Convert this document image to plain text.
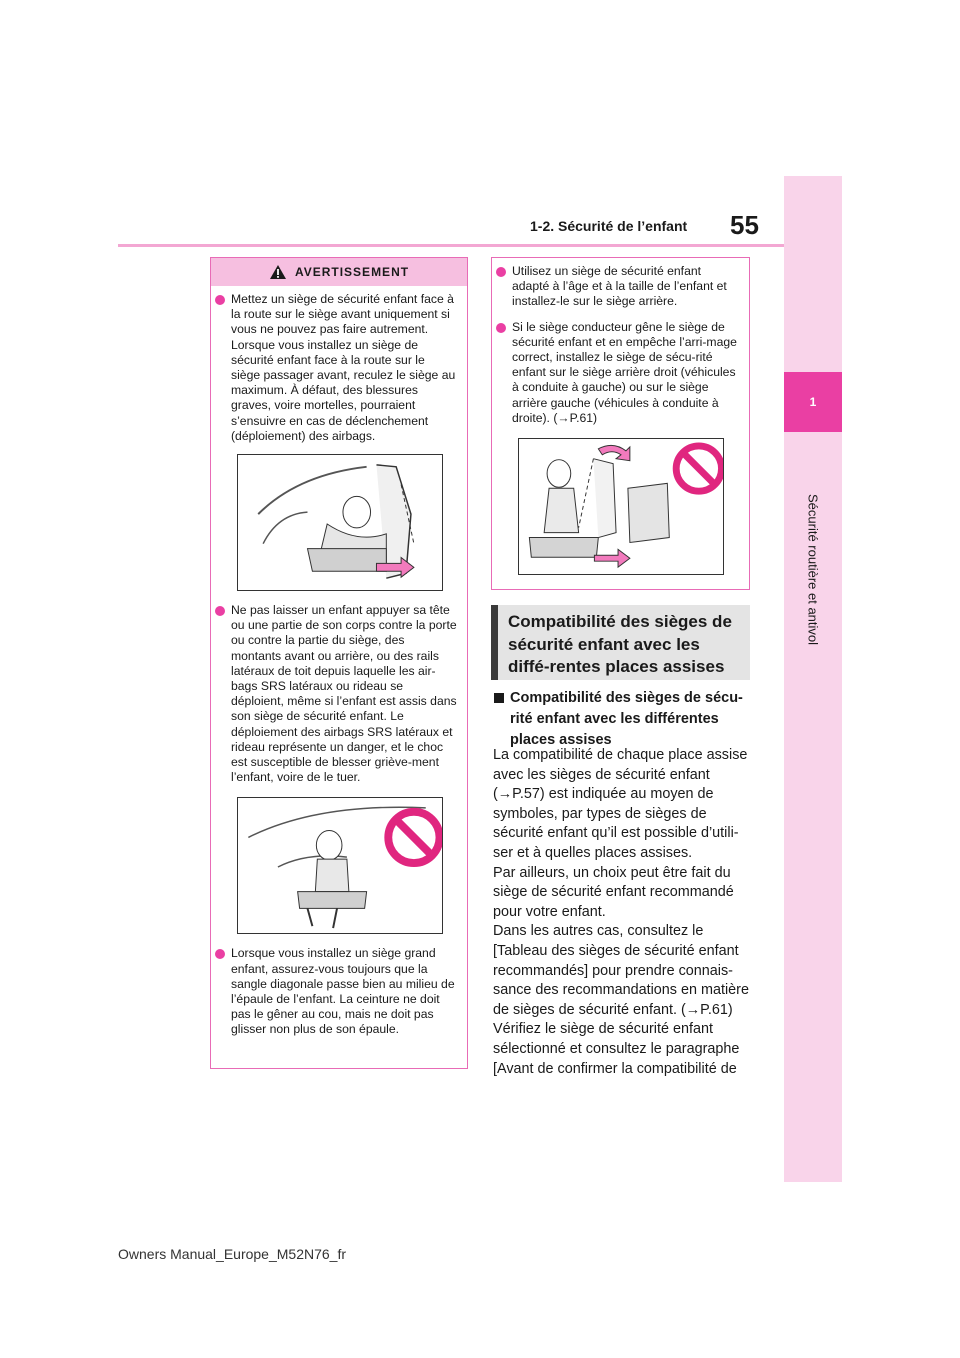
55
1-2. Sécurité de l’enfant
1
Sécurité routière et antivol
AVERTISSEMENT
Mettez un siège de sécurité enfant face à la route sur le siège avant uniquement si vous ne pouvez pas faire autrement. Lorsque vous installez un siège de sécurité enfant face à la route sur le siège passager avant, reculez le siège au maximum. À défaut, des blessures graves, voire mortelles, pourraient s’ensuivre en cas de déclenchement (déploiement) des airbags.
Ne pas laisser un enfant appuyer sa tête ou une partie de son corps contre la porte ou contre la partie du siège, des montants avant ou arrière, ou des rails latéraux de toit depuis laquelle les air-bags SRS latéraux ou rideau se déploient, même si l’enfant est assis dans son siège de sécurité enfant. Le déploiement des airbags SRS latéraux et rideau représente un danger, et le choc est susceptible de blesser griève-ment l’enfant, voire de le tuer.
Lorsque vous installez un siège grand enfant, assurez-vous toujours que la sangle diagonale passe bien au milieu de l’épaule de l’enfant. La ceinture ne doit pas le gêner au cou, mais ne doit pas glisser non plus de son épaule.
Utilisez un siège de sécurité enfant adapté à l’âge et à la taille de l’enfant et installez-le sur le siège arrière.
Si le siège conducteur gêne le siège de sécurité enfant et en empêche l’arri-mage correct, installez le siège de sécu-rité enfant sur le siège arrière droit (véhicules à conduite à gauche) ou sur le siège arrière gauche (véhicules à conduite à droite). (→P.61)
Compatibilité des sièges de sécurité enfant avec les diffé-rentes places assises
Compatibilité des sièges de sécu-rité enfant avec les différentes places assises

La compatibilité de chaque place assise avec les sièges de sécurité enfant (→P.57) est indiquée au moyen de symboles, par types de sièges de sécurité enfant qu’il est possible d’utili-ser et à quelles places assises.

Par ailleurs, un choix peut être fait du siège de sécurité enfant recommandé pour votre enfant.

Dans les autres cas, consultez le [Tableau des sièges de sécurité enfant recommandés] pour prendre connais-sance des recommandations en matière de sièges de sécurité enfant. (→P.61)

Vérifiez le siège de sécurité enfant sélectionné et consultez le paragraphe [Avant de confirmer la compatibilité de

Owners Manual_Europe_M52N76_fr
